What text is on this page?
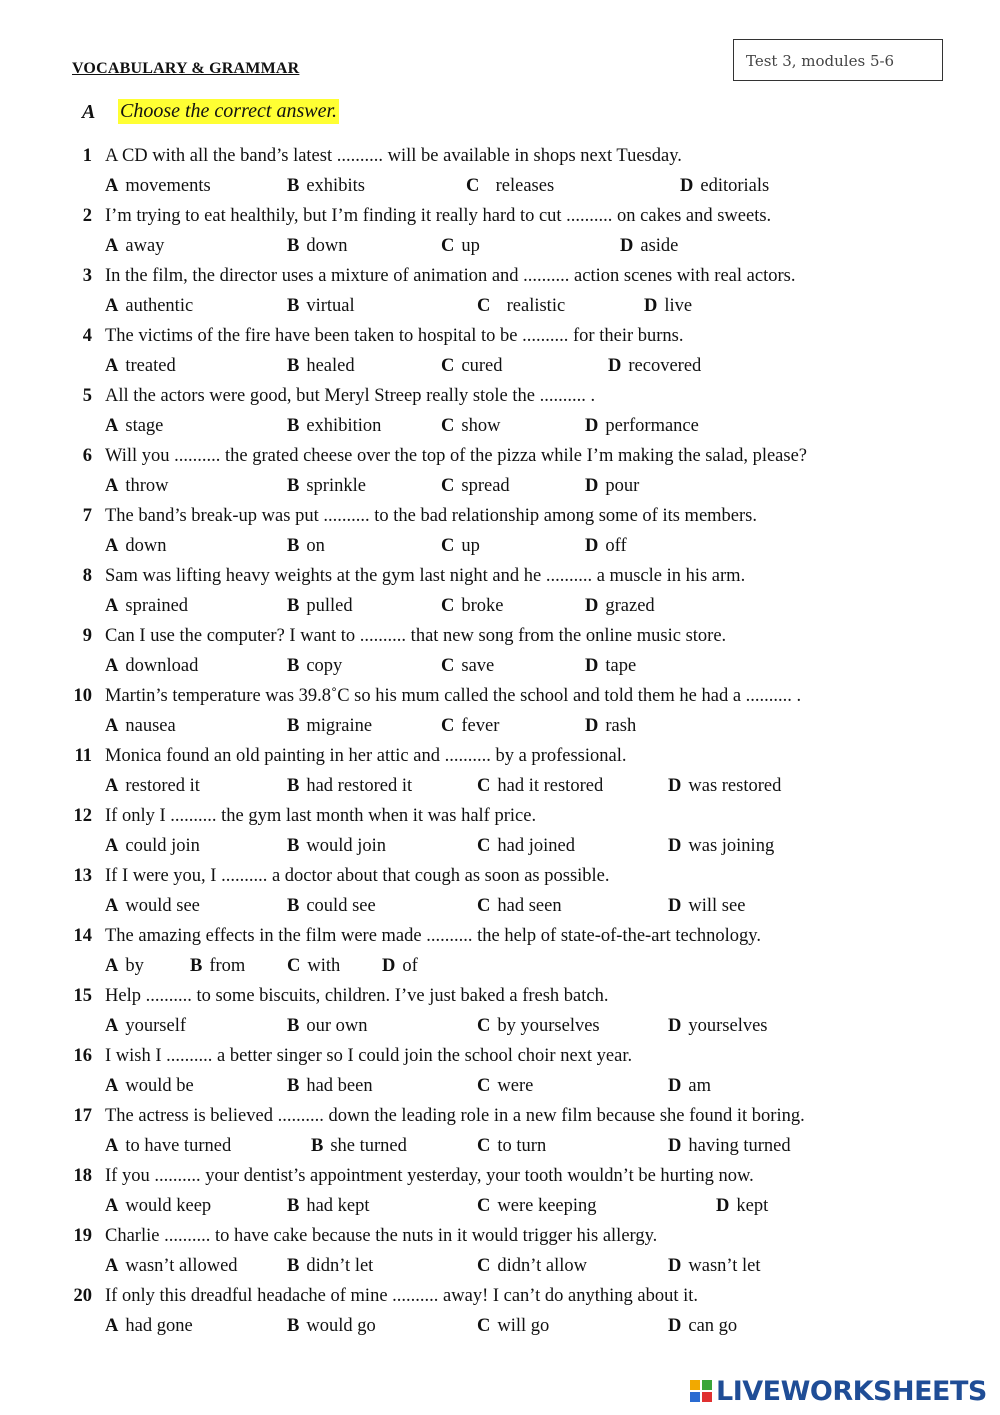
VOCABULARY & GRAMMAR	Test 3, modules 5-6
A Choose the correct answer.
1 A CD with all the band’s latest .......... will be available in shops next Tuesday.
A movements	B exhibits	C  releases	D editorials
2 I’m trying to eat healthily, but I’m finding it really hard to cut .......... on cakes and sweets.
A away	B down	C up	D aside
3 In the film, the director uses a mixture of animation and .......... action scenes with real actors.
A authentic	B virtual	C  realistic	D live
4 The victims of the fire have been taken to hospital to be .......... for their burns.
A treated	B healed	C cured	D recovered
5 All the actors were good, but Meryl Streep really stole the .......... .
A stage	B exhibition	C show	D performance
6 Will you .......... the grated cheese over the top of the pizza while I’m making the salad, please?
A throw	B sprinkle	C spread	D pour
7 The band’s break-up was put .......... to the bad relationship among some of its members.
A down	B on	C up	D off
8 Sam was lifting heavy weights at the gym last night and he .......... a muscle in his arm.
A sprained	B pulled	C broke	D grazed
9 Can I use the computer? I want to .......... that new song from the online music store.
A download	B copy	C save	D tape
10 Martin’s temperature was 39.8˚C so his mum called the school and told them he had a .......... .
A nausea	B migraine	C fever	D rash
11 Monica found an old painting in her attic and .......... by a professional.
A restored it	B had restored it	C had it restored	D was restored
12 If only I .......... the gym last month when it was half price.
A could join	B would join	C had joined	D was joining
13 If I were you, I .......... a doctor about that cough as soon as possible.
A would see	B could see	C had seen	D will see
14 The amazing effects in the film were made .......... the help of state-of-the-art technology.
A by B from C with D of
15 Help .......... to some biscuits, children. I’ve just baked a fresh batch.
A yourself	B our own	C by yourselves	D yourselves
16 I wish I .......... a better singer so I could join the school choir next year.
A would be	B had been	C were	D am
17 The actress is believed .......... down the leading role in a new film because she found it boring.
A to have turned	B she turned	C to turn	D having turned
18 If you .......... your dentist’s appointment yesterday, your tooth wouldn’t be hurting now.
A would keep	B had kept	C were keeping	D kept
19 Charlie .......... to have cake because the nuts in it would trigger his allergy.
A wasn’t allowed	B didn’t let	C didn’t allow	D wasn’t let
20 If only this dreadful headache of mine .......... away! I can’t do anything about it.
A had gone	B would go	C will go	D can go
LIVEWORKSHEETS
